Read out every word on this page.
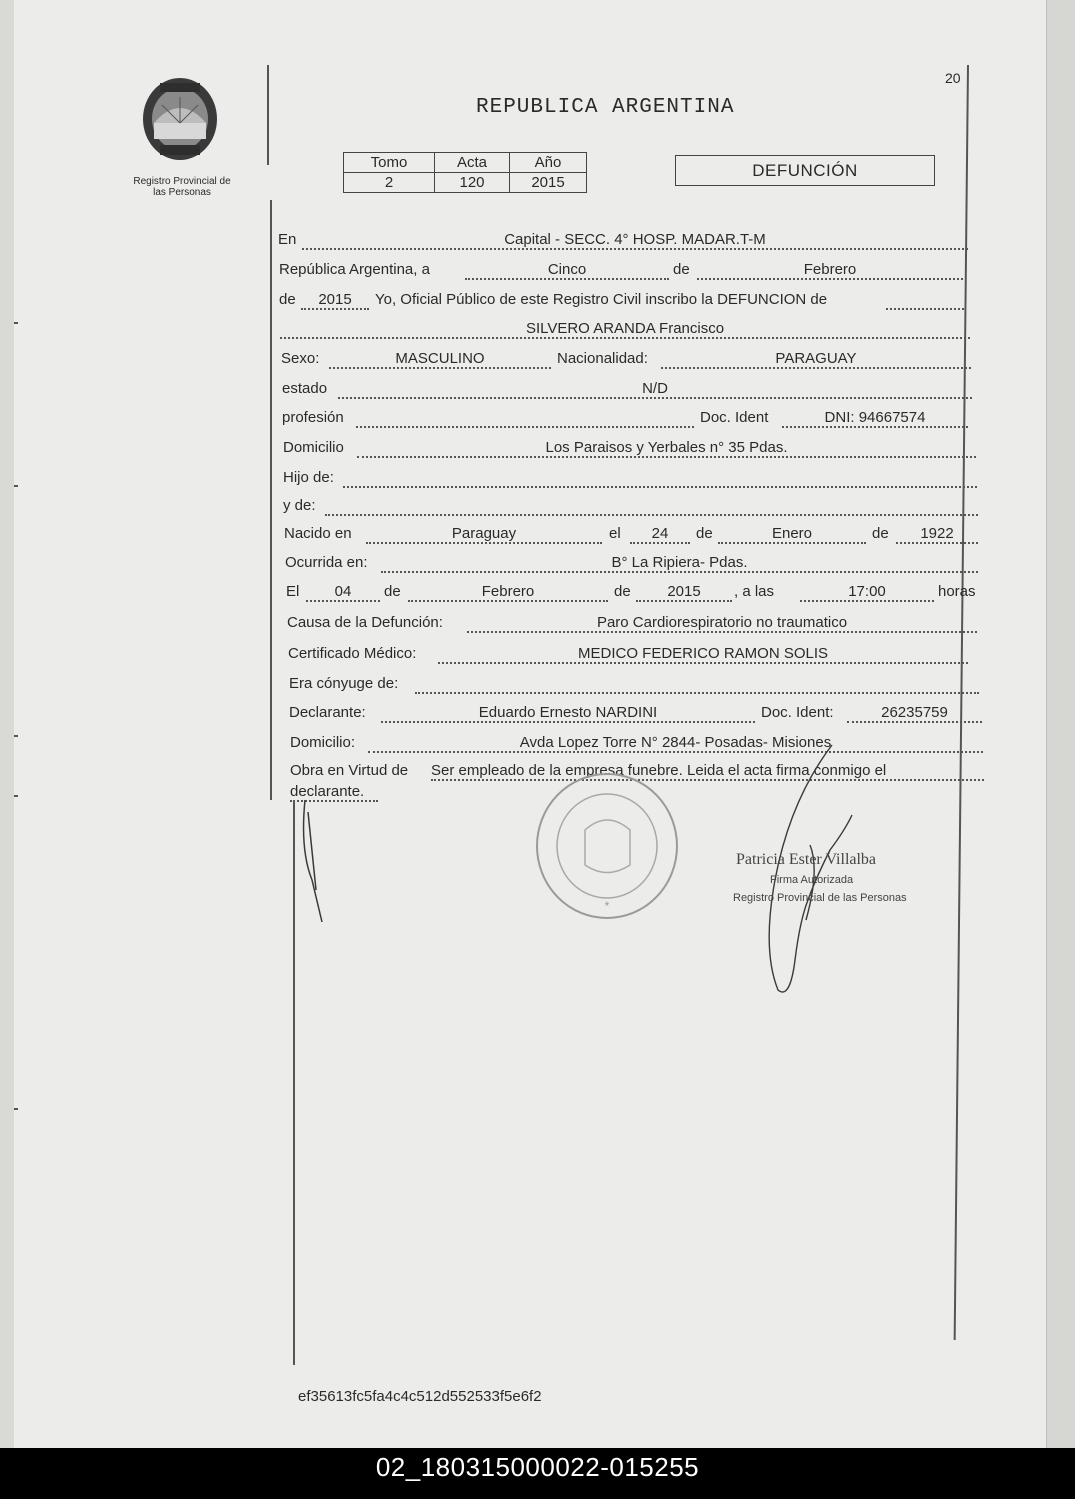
20
Registro Provincial de
las Personas
REPUBLICA ARGENTINA
Tomo	Acta	Año
2	120	2015
DEFUNCIÓN
En	Capital - SECC. 4° HOSP. MADAR.T-M
República Argentina, a	Cinco	de	Febrero
de	2015	Yo, Oficial Público de este Registro Civil inscribo la DEFUNCION de
SILVERO ARANDA Francisco
Sexo:	MASCULINO	Nacionalidad:	PARAGUAY
estado	N/D
profesión	Doc. Ident	DNI: 94667574
Domicilio	Los Paraisos y Yerbales n° 35 Pdas.
Hijo de:
y de:
Nacido en	Paraguay	el	24	de	Enero	de	1922
Ocurrida en:	B° La Ripiera- Pdas.
El	04	de	Febrero	de	2015	, a las	17:00	horas
Causa de la Defunción:	Paro Cardiorespiratorio no traumatico
Certificado Médico:	MEDICO FEDERICO RAMON SOLIS
Era cónyuge de:
Declarante:	Eduardo Ernesto NARDINI	Doc. Ident:	26235759
Domicilio:	Avda Lopez Torre N° 2844- Posadas- Misiones
Obra en Virtud de Ser empleado de la empresa funebre. Leida el acta firma conmigo el
declarante.
*
Patricia Ester Villalba
Firma Autorizada
Registro Provincial de las Personas
ef35613fc5fa4c4c512d552533f5e6f2
02_180315000022-015255
